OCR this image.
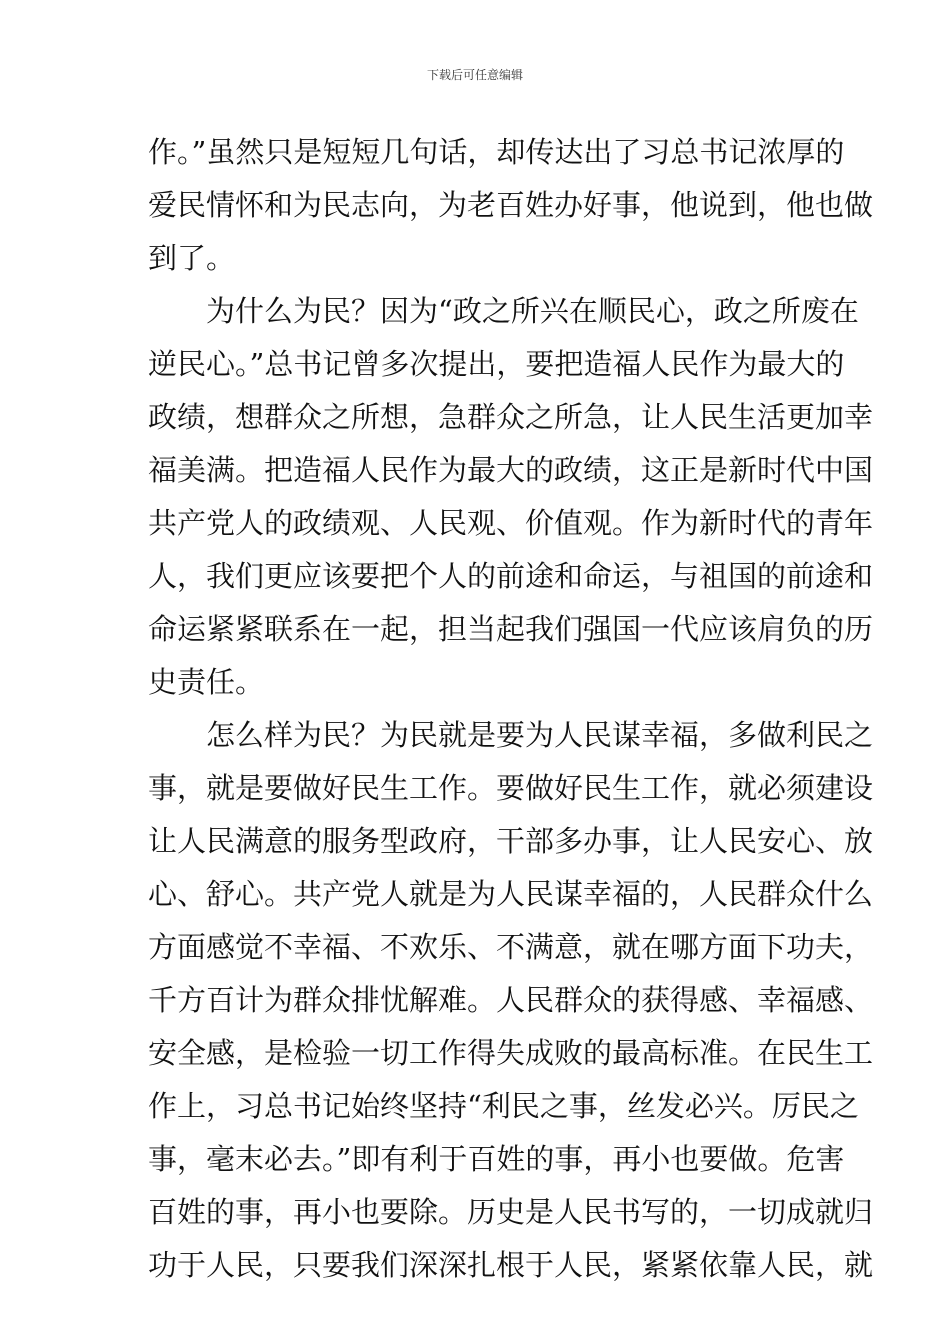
下载后可任意编辑
作。”虽然只是短短几句话，却传达出了习总书记浓厚的
爱民情怀和为民志向，为老百姓办好事，他说到，他也做
到了。
为什么为民？因为“政之所兴在顺民心，政之所废在
逆民心。”总书记曾多次提出，要把造福人民作为最大的
政绩，想群众之所想，急群众之所急，让人民生活更加幸
福美满。把造福人民作为最大的政绩，这正是新时代中国
共产党人的政绩观、人民观、价值观。作为新时代的青年
人，我们更应该要把个人的前途和命运，与祖国的前途和
命运紧紧联系在一起，担当起我们强国一代应该肩负的历
史责任。
怎么样为民？为民就是要为人民谋幸福，多做利民之
事，就是要做好民生工作。要做好民生工作，就必须建设
让人民满意的服务型政府，干部多办事，让人民安心、放
心、舒心。共产党人就是为人民谋幸福的，人民群众什么
方面感觉不幸福、不欢乐、不满意，就在哪方面下功夫，
千方百计为群众排忧解难。人民群众的获得感、幸福感、
安全感，是检验一切工作得失成败的最高标准。在民生工
作上，习总书记始终坚持“利民之事，丝发必兴。厉民之
事，毫末必去。”即有利于百姓的事，再小也要做。危害
百姓的事，再小也要除。历史是人民书写的，一切成就归
功于人民，只要我们深深扎根于人民，紧紧依靠人民，就
